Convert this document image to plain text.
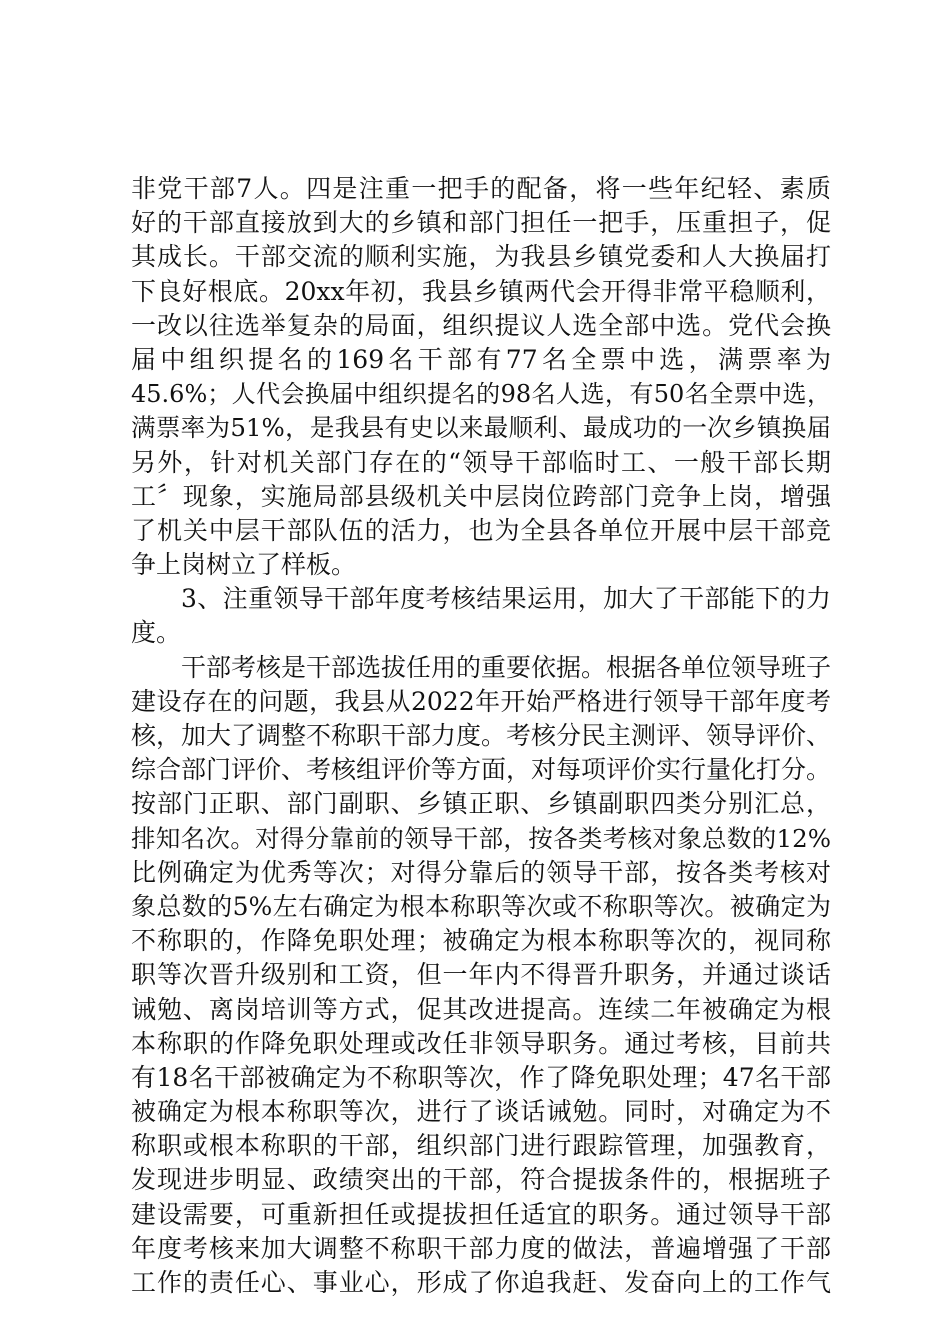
非党干部7人。四是注重一把手的配备，将一些年纪轻、素质
好的干部直接放到大的乡镇和部门担任一把手，压重担子，促
其成长。干部交流的顺利实施，为我县乡镇党委和人大换届打
下良好根底。20xx年初，我县乡镇两代会开得非常平稳顺利，
一改以往选举复杂的局面，组织提议人选全部中选。党代会换
届中组织提名的169名干部有77名全票中选，满票率为
45.6%；人代会换届中组织提名的98名人选，有50名全票中选，
满票率为51%，是我县有史以来最顺利、最成功的一次乡镇换届
另外，针对机关部门存在的“领导干部临时工、一般干部长期
工〞现象，实施局部县级机关中层岗位跨部门竞争上岗，增强
了机关中层干部队伍的活力，也为全县各单位开展中层干部竞
争上岗树立了样板。
3、注重领导干部年度考核结果运用，加大了干部能下的力
度。
干部考核是干部选拔任用的重要依据。根据各单位领导班子
建设存在的问题，我县从2022年开始严格进行领导干部年度考
核，加大了调整不称职干部力度。考核分民主测评、领导评价、
综合部门评价、考核组评价等方面，对每项评价实行量化打分。
按部门正职、部门副职、乡镇正职、乡镇副职四类分别汇总，
排知名次。对得分靠前的领导干部，按各类考核对象总数的12%
比例确定为优秀等次；对得分靠后的领导干部，按各类考核对
象总数的5%左右确定为根本称职等次或不称职等次。被确定为
不称职的，作降免职处理；被确定为根本称职等次的，视同称
职等次晋升级别和工资，但一年内不得晋升职务，并通过谈话
诫勉、离岗培训等方式，促其改进提高。连续二年被确定为根
本称职的作降免职处理或改任非领导职务。通过考核，目前共
有18名干部被确定为不称职等次，作了降免职处理；47名干部
被确定为根本称职等次，进行了谈话诫勉。同时，对确定为不
称职或根本称职的干部，组织部门进行跟踪管理，加强教育，
发现进步明显、政绩突出的干部，符合提拔条件的，根据班子
建设需要，可重新担任或提拔担任适宜的职务。通过领导干部
年度考核来加大调整不称职干部力度的做法，普遍增强了干部
工作的责任心、事业心，形成了你追我赶、发奋向上的工作气
